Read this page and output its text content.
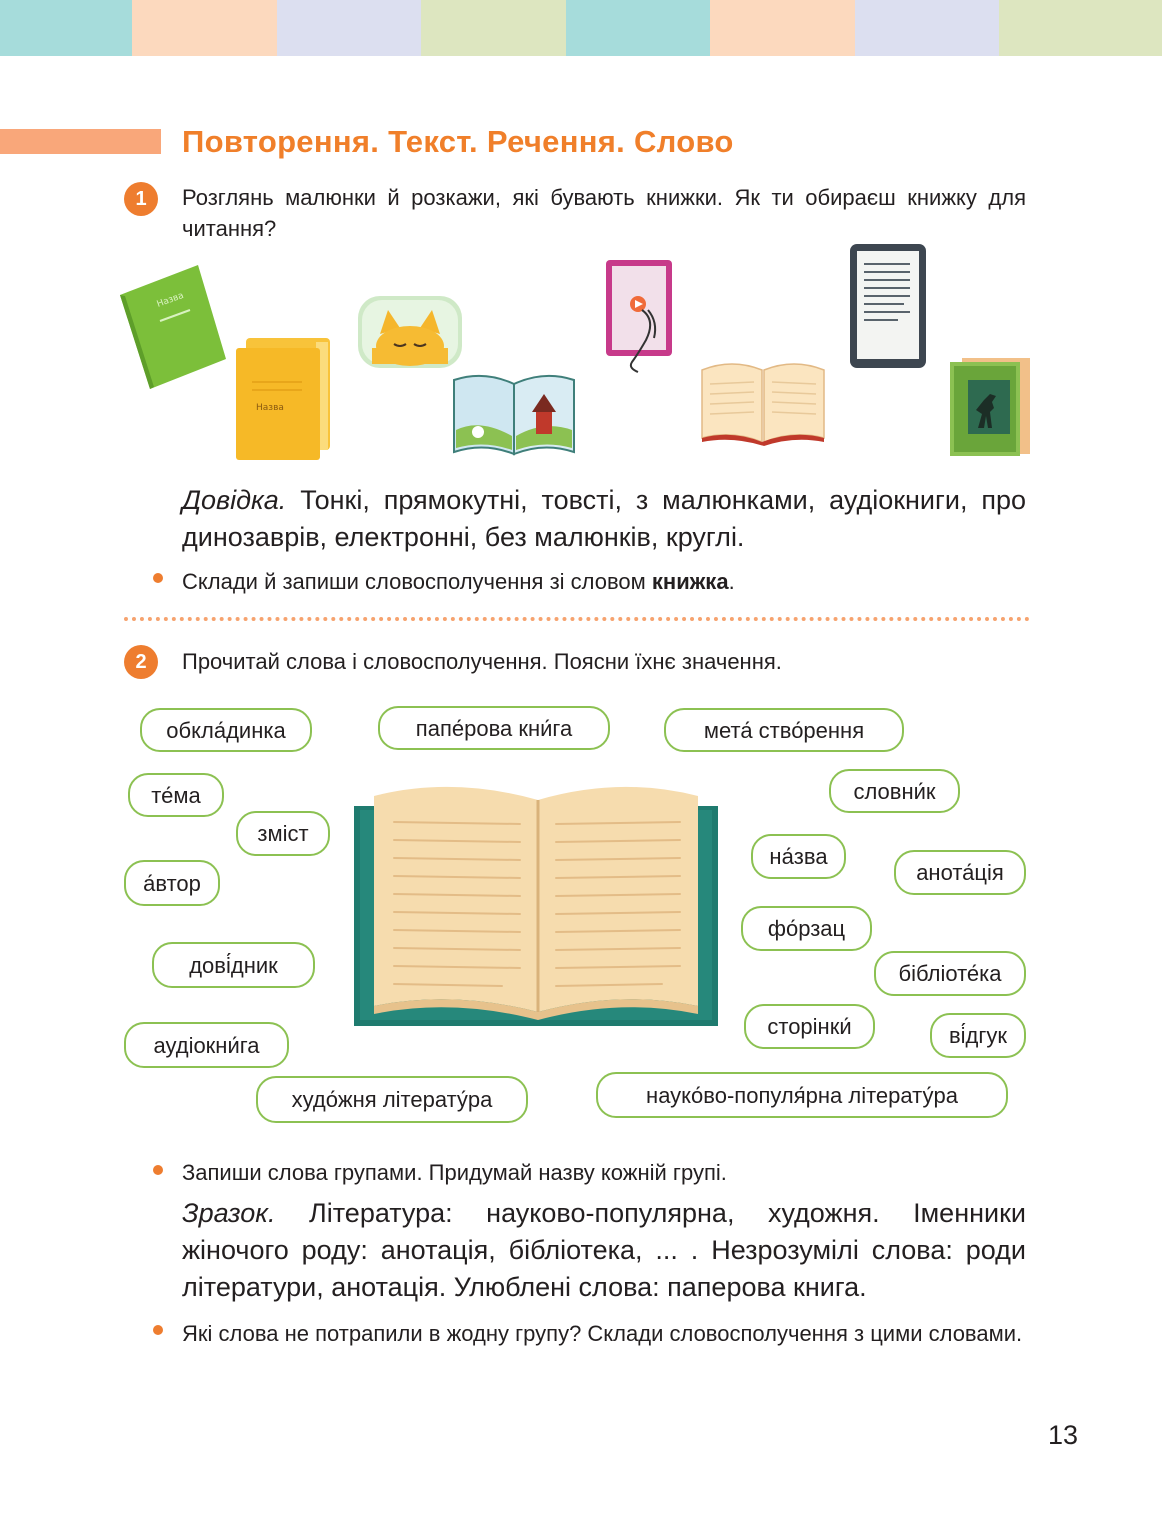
Повторення. Текст. Речення. Слово
1	Розглянь малюнки й розкажи, які бувають книжки. Як ти обираєш книжку для читання?
Назва
Назва
Довідка. Тонкі, прямокутні, товсті, з малюнками, аудіокниги, про динозаврів, електронні, без малюнків, круглі.
Склади й запиши словосполучення зі словом книжка.
2	Прочитай слова і словосполучення. Поясни їхнє значення.
обкла́динка	папе́рова кни́га	мета́ ство́рення
те́ма	словни́к
зміст
на́зва
анота́ція
а́втор
фо́рзац
дові́дник	бібліоте́ка
сторінки́	ві́дгук
аудіокни́га
худо́жня літерату́ра	науко́во-популя́рна літерату́ра
Запиши слова групами. Придумай назву кожній групі.
Зразок. Література: науково-популярна, художня. Іменники жіночого роду: анотація, бібліотека, ... . Незрозумілі слова: роди літератури, анотація. Улюблені слова: паперова книга.
Які слова не потрапили в жодну групу? Склади словосполучення з цими словами.
13
